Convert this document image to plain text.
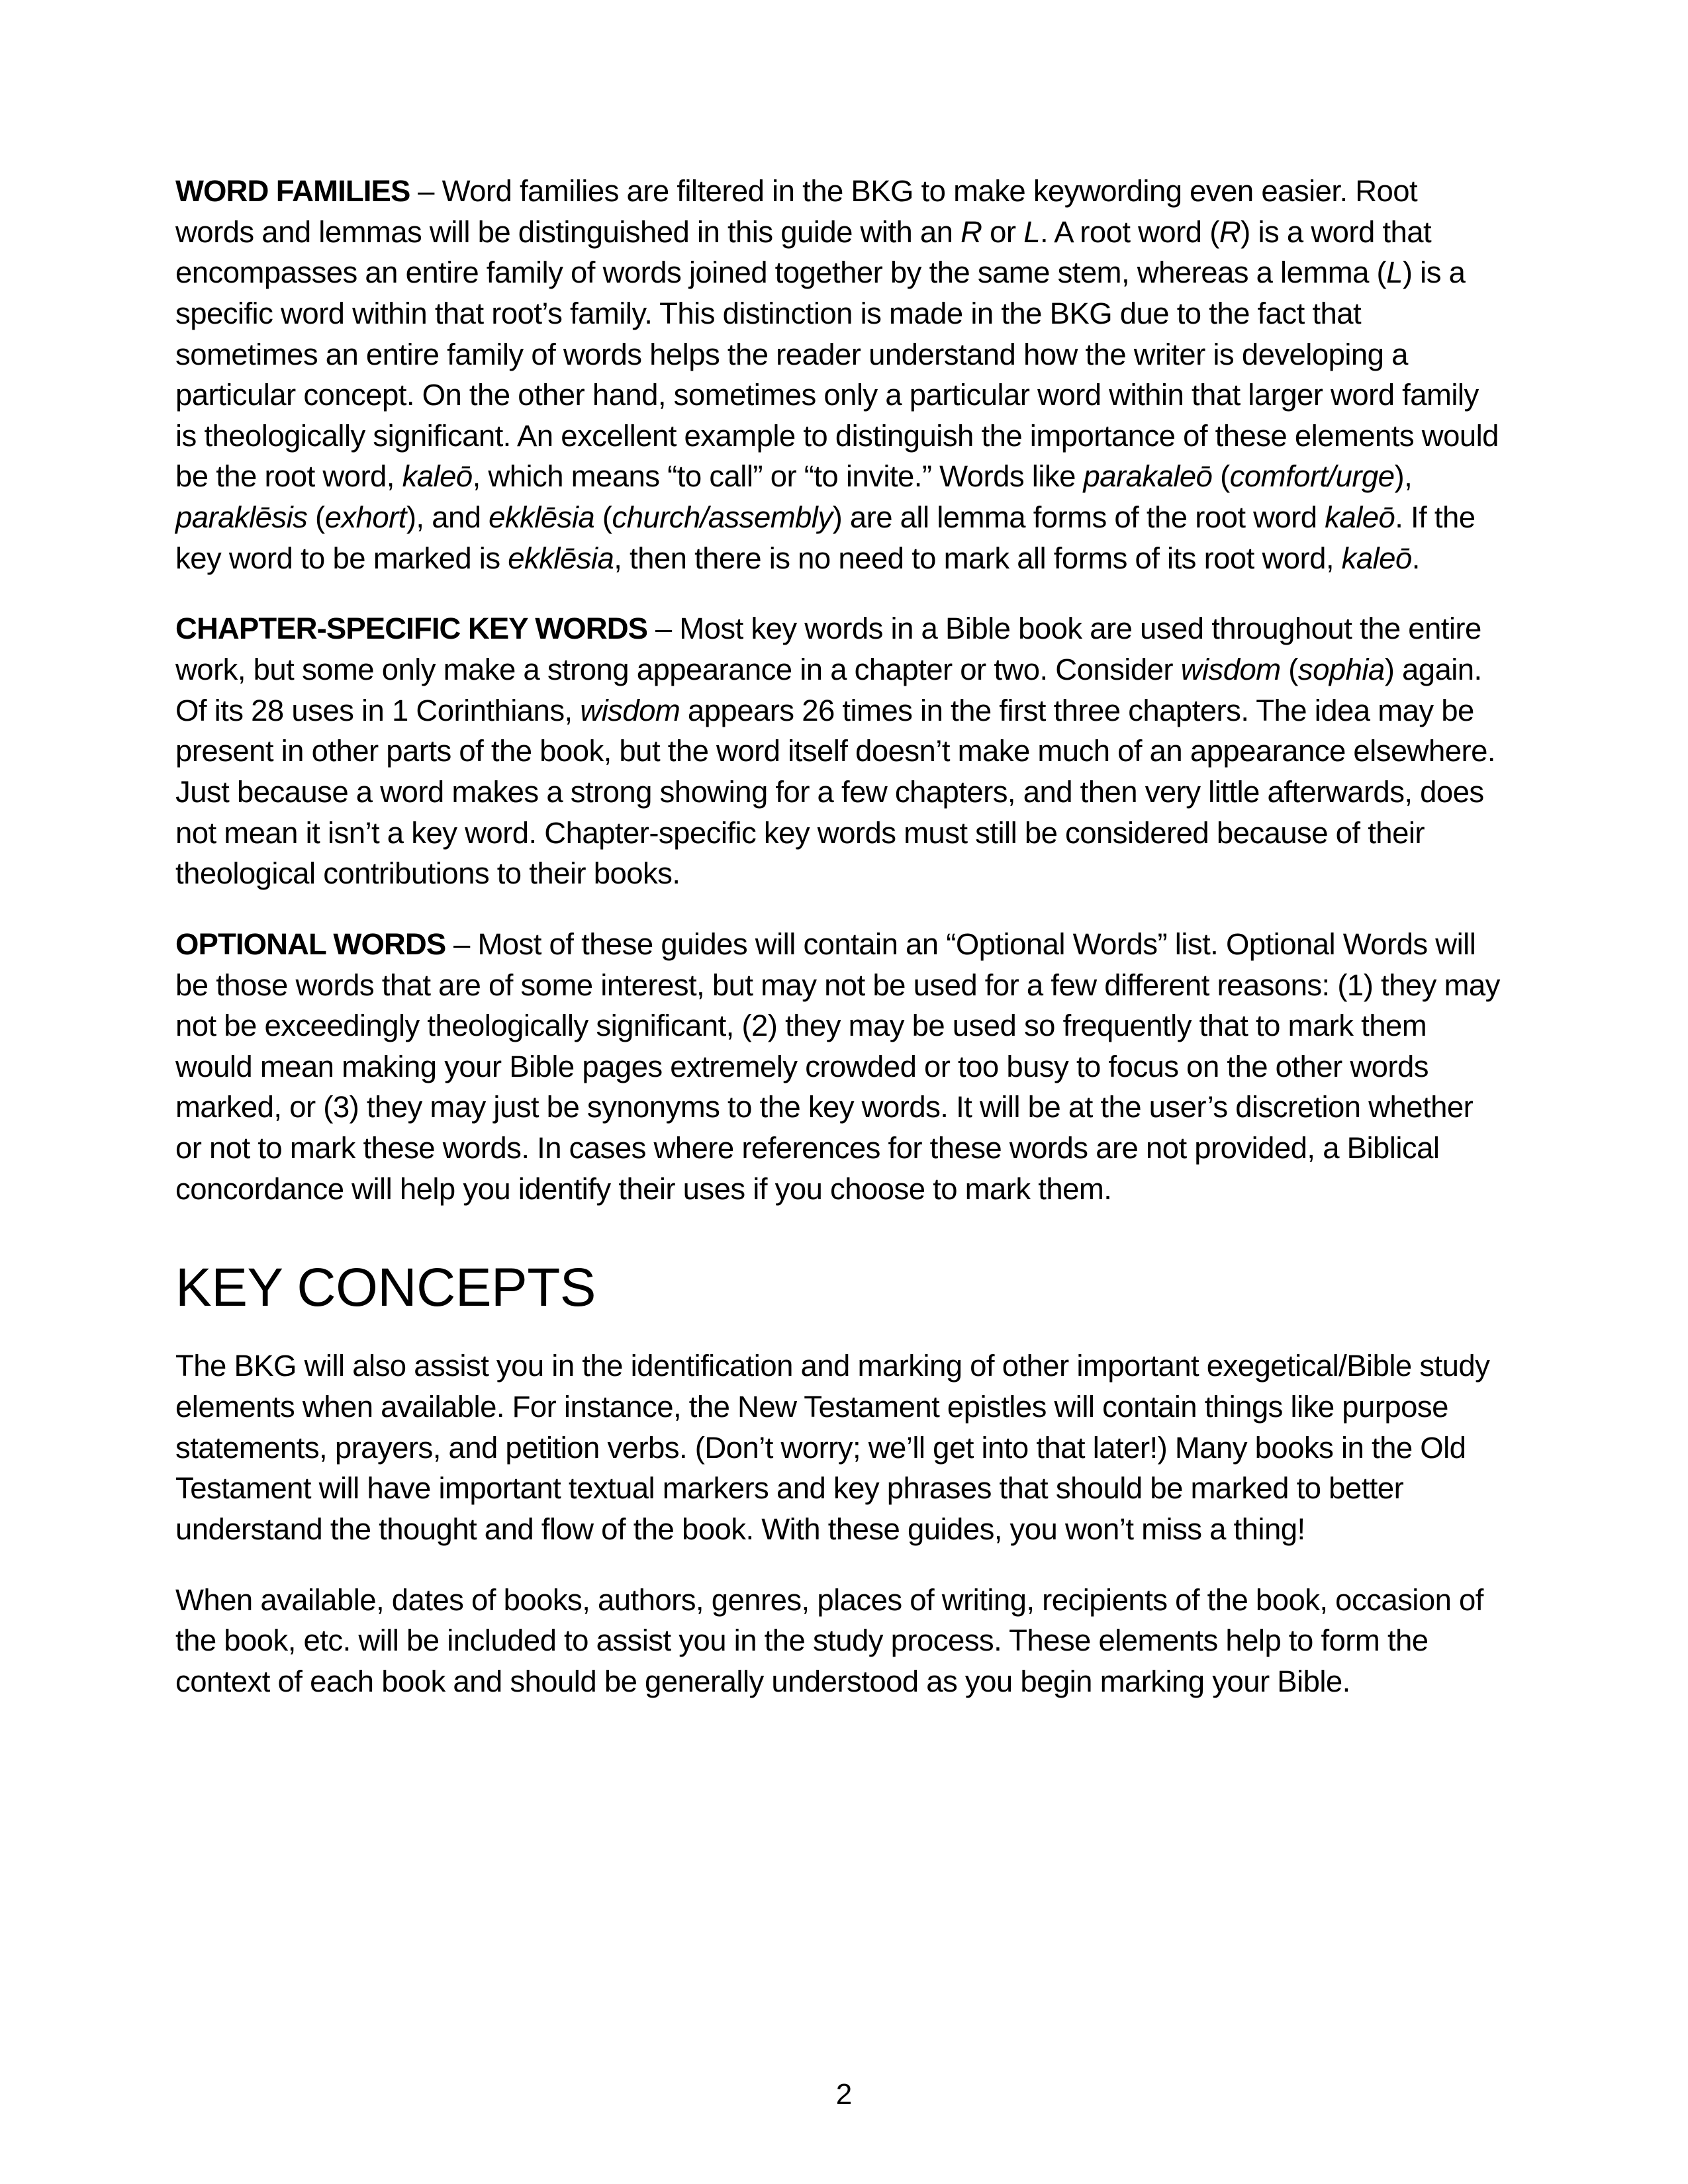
WORD FAMILIES – Word families are filtered in the BKG to make keywording even easier. Root words and lemmas will be distinguished in this guide with an R or L. A root word (R) is a word that encompasses an entire family of words joined together by the same stem, whereas a lemma (L) is a specific word within that root’s family. This distinction is made in the BKG due to the fact that sometimes an entire family of words helps the reader understand how the writer is developing a particular concept. On the other hand, sometimes only a particular word within that larger word family is theologically significant. An excellent example to distinguish the importance of these elements would be the root word, kaleō, which means “to call” or “to invite.” Words like parakaleō (comfort/urge), paraklēsis (exhort), and ekklēsia (church/assembly) are all lemma forms of the root word kaleō. If the key word to be marked is ekklēsia, then there is no need to mark all forms of its root word, kaleō.

CHAPTER-SPECIFIC KEY WORDS – Most key words in a Bible book are used throughout the entire work, but some only make a strong appearance in a chapter or two. Consider wisdom (sophia) again. Of its 28 uses in 1 Corinthians, wisdom appears 26 times in the first three chapters. The idea may be present in other parts of the book, but the word itself doesn’t make much of an appearance elsewhere. Just because a word makes a strong showing for a few chapters, and then very little afterwards, does not mean it isn’t a key word. Chapter-specific key words must still be considered because of their theological contributions to their books.

OPTIONAL WORDS – Most of these guides will contain an “Optional Words” list. Optional Words will be those words that are of some interest, but may not be used for a few different reasons: (1) they may not be exceedingly theologically significant, (2) they may be used so frequently that to mark them would mean making your Bible pages extremely crowded or too busy to focus on the other words marked, or (3) they may just be synonyms to the key words. It will be at the user’s discretion whether or not to mark these words. In cases where references for these words are not provided, a Biblical concordance will help you identify their uses if you choose to mark them.

KEY CONCEPTS

The BKG will also assist you in the identification and marking of other important exegetical/Bible study elements when available. For instance, the New Testament epistles will contain things like purpose statements, prayers, and petition verbs. (Don’t worry; we’ll get into that later!) Many books in the Old Testament will have important textual markers and key phrases that should be marked to better understand the thought and flow of the book. With these guides, you won’t miss a thing!

When available, dates of books, authors, genres, places of writing, recipients of the book, occasion of the book, etc. will be included to assist you in the study process. These elements help to form the context of each book and should be generally understood as you begin marking your Bible.

2
